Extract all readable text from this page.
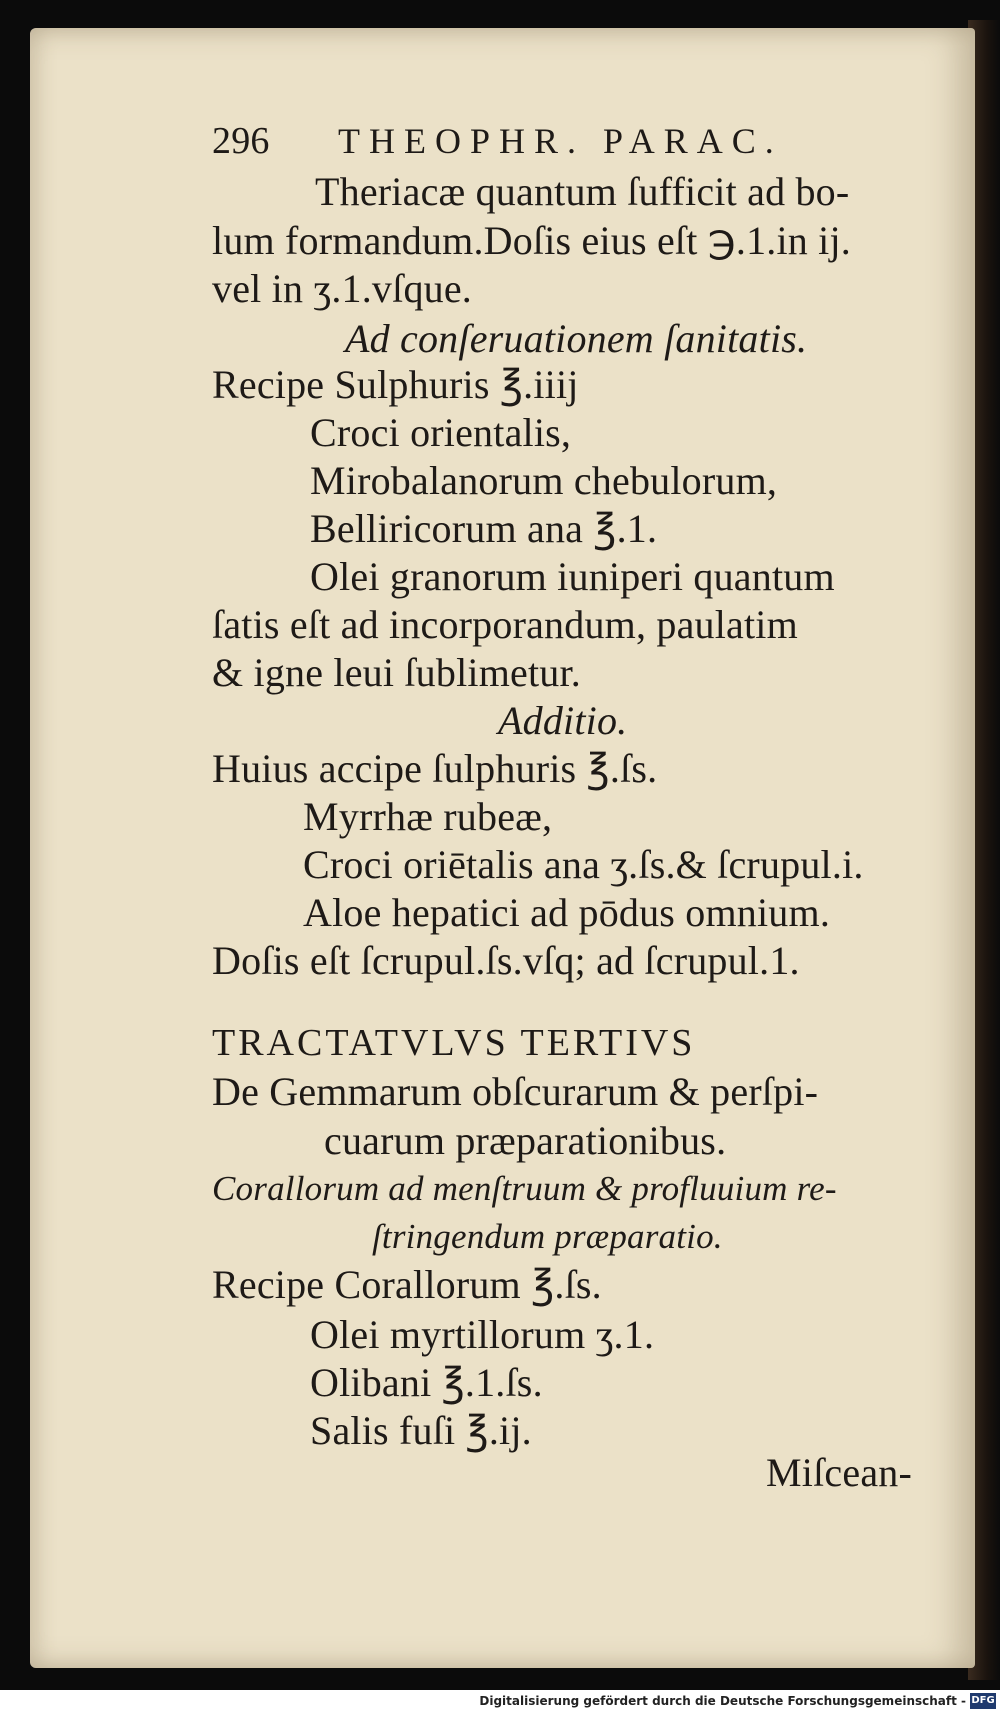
296 THEOPHR. PARAC.
Theriacæ quantum ſufficit ad bo-
lum formandum.Doſis eius eſt ℈.1.in ij.
vel in ʒ.1.vſque.
Ad conſeruationem ſanitatis.
Recipe Sulphuris ℥.iiij
Croci orientalis,
Mirobalanorum chebulorum,
Belliricorum ana ℥.1.
Olei granorum iuniperi quantum
ſatis eſt ad incorporandum, paulatim
& igne leui ſublimetur.
Additio.
Huius accipe ſulphuris ℥.ſs.
Myrrhæ rubeæ,
Croci oriētalis ana ʒ.ſs.& ſcrupul.i.
Aloe hepatici ad pōdus omnium.
Doſis eſt ſcrupul.ſs.vſq; ad ſcrupul.1.
TRACTATVLVS TERTIVS
De Gemmarum obſcurarum & perſpi-
cuarum præparationibus.
Corallorum ad menſtruum & profluuium re-
ſtringendum præparatio.
Recipe Corallorum ℥.ſs.
Olei myrtillorum ʒ.1.
Olibani ℥.1.ſs.
Salis fuſi ℥.ij.
Miſcean-
Digitalisierung gefördert durch die Deutsche Forschungsgemeinschaft - DFG
